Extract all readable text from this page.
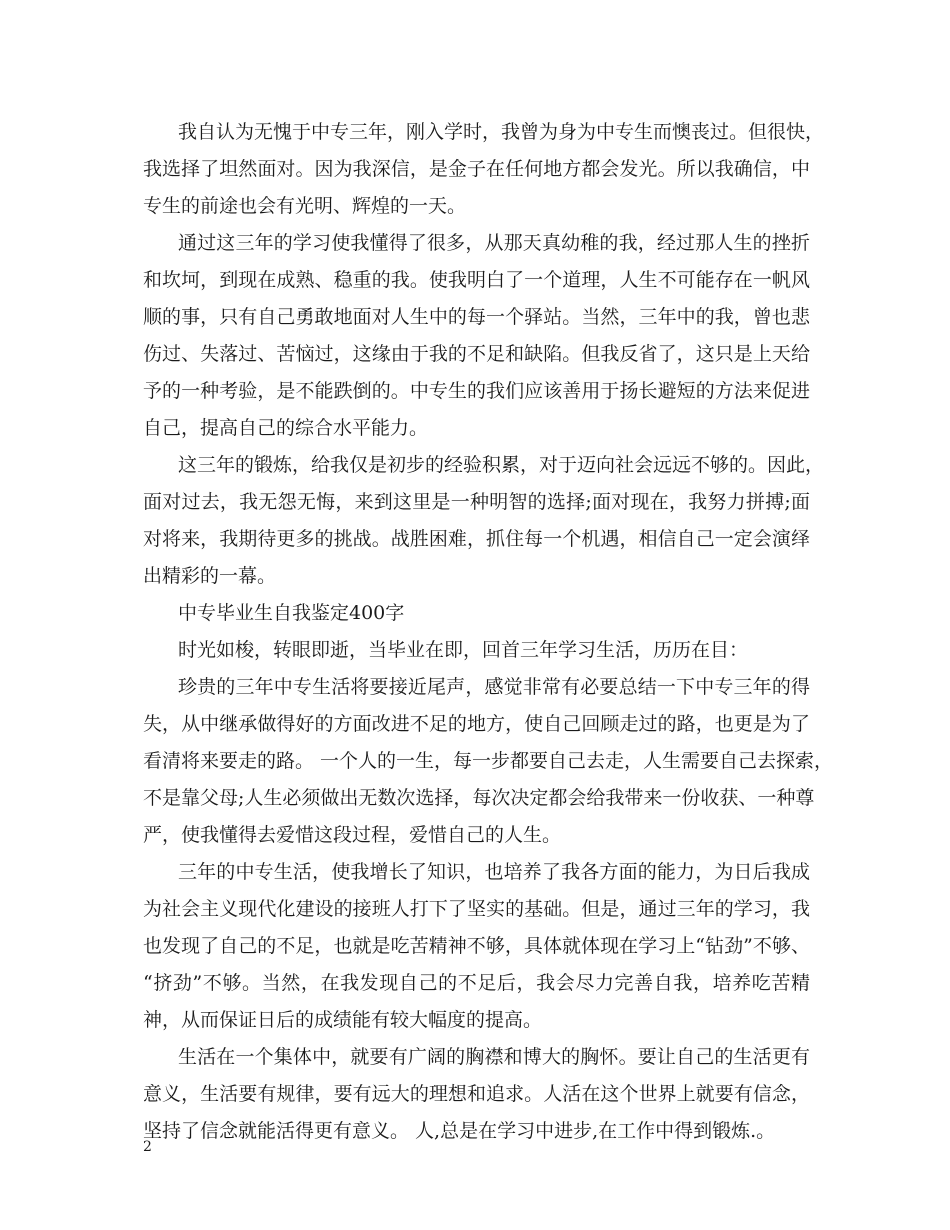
我自认为无愧于中专三年，刚入学时，我曾为身为中专生而懊丧过。但很快，
我选择了坦然面对。因为我深信，是金子在任何地方都会发光。所以我确信，中
专生的前途也会有光明、辉煌的一天。
通过这三年的学习使我懂得了很多，从那天真幼稚的我，经过那人生的挫折
和坎坷，到现在成熟、稳重的我。使我明白了一个道理，人生不可能存在一帆风
顺的事，只有自己勇敢地面对人生中的每一个驿站。当然，三年中的我，曾也悲
伤过、失落过、苦恼过，这缘由于我的不足和缺陷。但我反省了，这只是上天给
予的一种考验，是不能跌倒的。中专生的我们应该善用于扬长避短的方法来促进
自己，提高自己的综合水平能力。
这三年的锻炼，给我仅是初步的经验积累，对于迈向社会远远不够的。因此，
面对过去，我无怨无悔，来到这里是一种明智的选择;面对现在，我努力拼搏;面
对将来，我期待更多的挑战。战胜困难，抓住每一个机遇，相信自己一定会演绎
出精彩的一幕。
中专毕业生自我鉴定400字
时光如梭，转眼即逝，当毕业在即，回首三年学习生活，历历在目：
珍贵的三年中专生活将要接近尾声，感觉非常有必要总结一下中专三年的得
失，从中继承做得好的方面改进不足的地方，使自己回顾走过的路，也更是为了
看清将来要走的路。 一个人的一生，每一步都要自己去走，人生需要自己去探索，
不是靠父母;人生必须做出无数次选择，每次决定都会给我带来一份收获、一种尊
严，使我懂得去爱惜这段过程，爱惜自己的人生。
三年的中专生活，使我增长了知识，也培养了我各方面的能力，为日后我成
为社会主义现代化建设的接班人打下了坚实的基础。但是，通过三年的学习，我
也发现了自己的不足，也就是吃苦精神不够，具体就体现在学习上“钻劲”不够、
“挤劲”不够。当然，在我发现自己的不足后，我会尽力完善自我，培养吃苦精
神，从而保证日后的成绩能有较大幅度的提高。
生活在一个集体中，就要有广阔的胸襟和博大的胸怀。要让自己的生活更有
意义，生活要有规律，要有远大的理想和追求。人活在这个世界上就要有信念，
坚持了信念就能活得更有意义。 人,总是在学习中进步,在工作中得到锻炼.。
2
